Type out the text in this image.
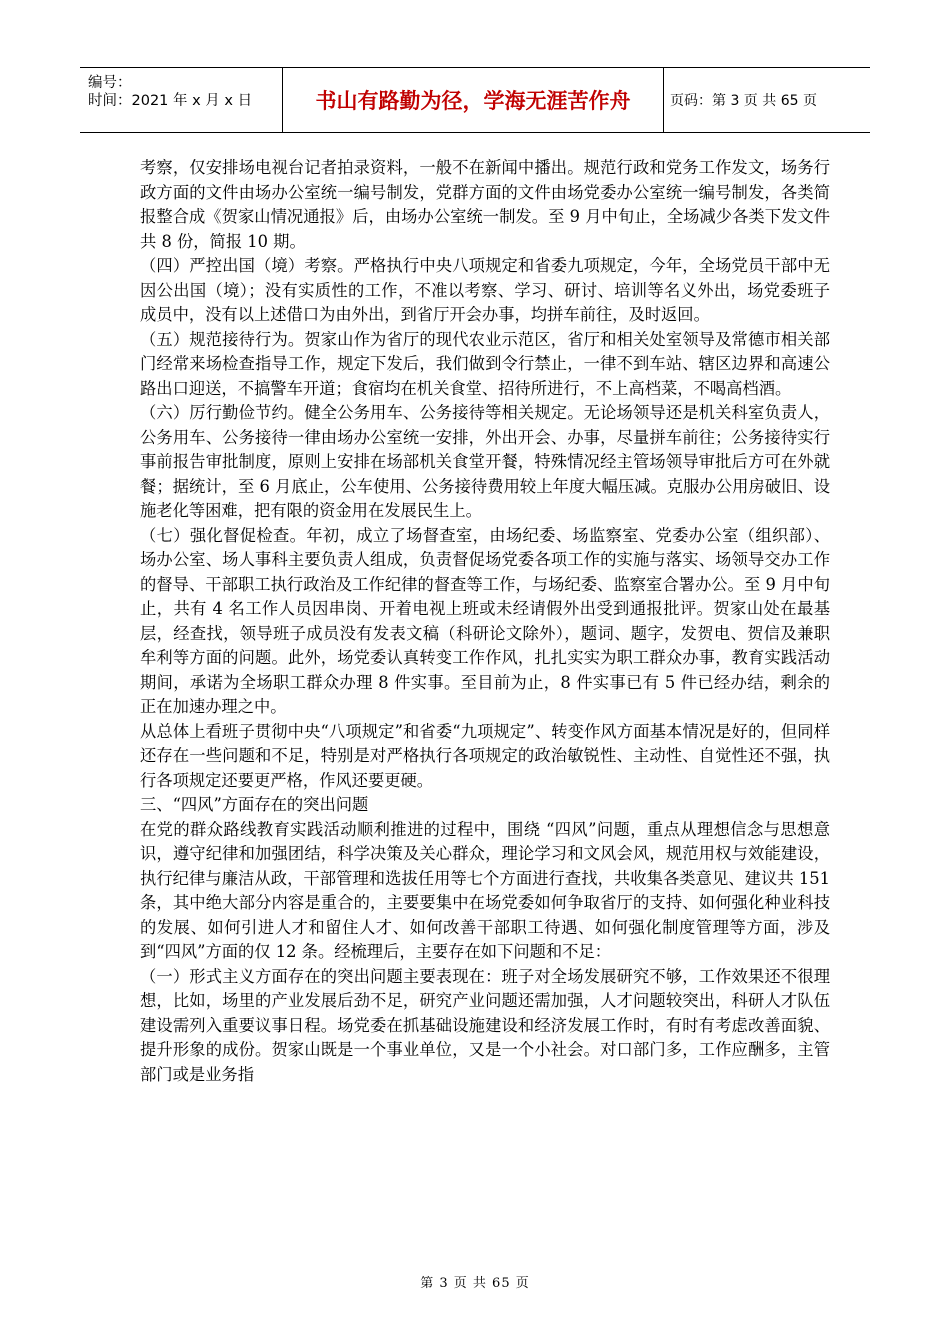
编号：
时间：2021 年 x 月 x 日	书山有路勤为径，学海无涯苦作舟	页码：第 3 页 共 65 页

考察，仅安排场电视台记者拍录资料，一般不在新闻中播出。规范行政和党务工作发文，场务行政方面的文件由场办公室统一编号制发，党群方面的文件由场党委办公室统一编号制发，各类简报整合成《贺家山情况通报》后，由场办公室统一制发。至 9 月中旬止，全场减少各类下发文件共 8 份，简报 10 期。

（四）严控出国（境）考察。严格执行中央八项规定和省委九项规定，今年，全场党员干部中无因公出国（境）；没有实质性的工作，不准以考察、学习、研讨、培训等名义外出，场党委班子成员中，没有以上述借口为由外出，到省厅开会办事，均拼车前往，及时返回。

（五）规范接待行为。贺家山作为省厅的现代农业示范区，省厅和相关处室领导及常德市相关部门经常来场检查指导工作，规定下发后，我们做到令行禁止，一律不到车站、辖区边界和高速公路出口迎送，不搞警车开道；食宿均在机关食堂、招待所进行，不上高档菜，不喝高档酒。

（六）厉行勤俭节约。健全公务用车、公务接待等相关规定。无论场领导还是机关科室负责人，公务用车、公务接待一律由场办公室统一安排，外出开会、办事，尽量拼车前往；公务接待实行事前报告审批制度，原则上安排在场部机关食堂开餐，特殊情况经主管场领导审批后方可在外就餐；据统计，至 6 月底止，公车使用、公务接待费用较上年度大幅压减。克服办公用房破旧、设施老化等困难，把有限的资金用在发展民生上。

（七）强化督促检查。年初，成立了场督查室，由场纪委、场监察室、党委办公室（组织部）、场办公室、场人事科主要负责人组成，负责督促场党委各项工作的实施与落实、场领导交办工作的督导、干部职工执行政治及工作纪律的督查等工作，与场纪委、监察室合署办公。至 9 月中旬止，共有 4 名工作人员因串岗、开着电视上班或未经请假外出受到通报批评。贺家山处在最基层，经查找，领导班子成员没有发表文稿（科研论文除外），题词、题字，发贺电、贺信及兼职牟利等方面的问题。此外，场党委认真转变工作作风，扎扎实实为职工群众办事，教育实践活动期间，承诺为全场职工群众办理 8 件实事。至目前为止，8 件实事已有 5 件已经办结，剩余的正在加速办理之中。

从总体上看班子贯彻中央“八项规定”和省委“九项规定”、转变作风方面基本情况是好的，但同样还存在一些问题和不足，特别是对严格执行各项规定的政治敏锐性、主动性、自觉性还不强，执行各项规定还要更严格，作风还要更硬。

三、“四风”方面存在的突出问题

在党的群众路线教育实践活动顺利推进的过程中，围绕 “四风”问题，重点从理想信念与思想意识，遵守纪律和加强团结，科学决策及关心群众，理论学习和文风会风，规范用权与效能建设，执行纪律与廉洁从政，干部管理和选拔任用等七个方面进行查找，共收集各类意见、建议共 151 条，其中绝大部分内容是重合的，主要要集中在场党委如何争取省厅的支持、如何强化种业科技的发展、如何引进人才和留住人才、如何改善干部职工待遇、如何强化制度管理等方面，涉及到“四风”方面的仅 12 条。经梳理后，主要存在如下问题和不足：

（一）形式主义方面存在的突出问题主要表现在：班子对全场发展研究不够，工作效果还不很理想，比如，场里的产业发展后劲不足，研究产业问题还需加强，人才问题较突出，科研人才队伍建设需列入重要议事日程。场党委在抓基础设施建设和经济发展工作时，有时有考虑改善面貌、提升形象的成份。贺家山既是一个事业单位，又是一个小社会。对口部门多，工作应酬多，主管部门或是业务指

第 3 页 共 65 页
